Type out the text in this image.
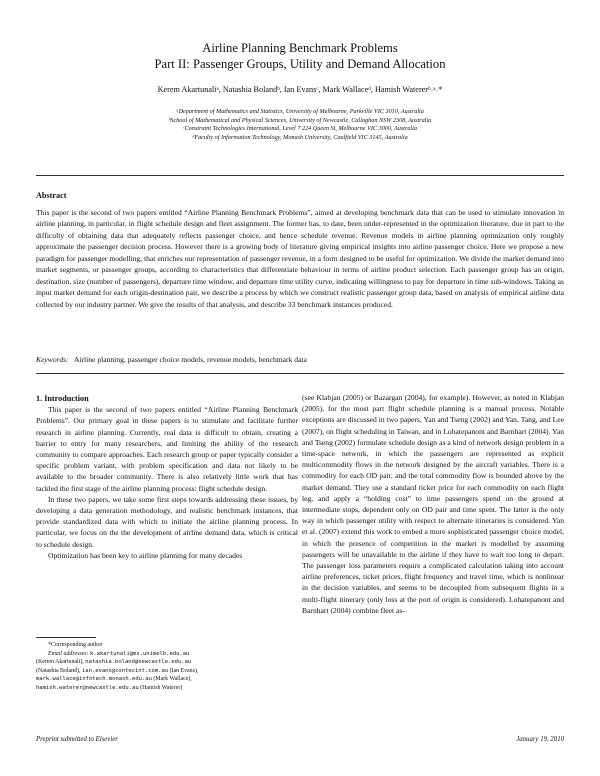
Airline Planning Benchmark Problems
Part II: Passenger Groups, Utility and Demand Allocation
Kerem Akartunaliᵃ, Natashia Bolandᵇ, Ian Evansᶜ, Mark Wallaceᵈ, Hamish Watererᵇ˒ᵃ˒*
ᵃDepartment of Mathematics and Statistics, University of Melbourne, Parkville VIC 3010, Australia
ᵇSchool of Mathematical and Physical Sciences, University of Newcastle, Callaghan NSW 2308, Australia
ᶜConstraint Technologies International, Level 7 224 Queen St, Melbourne VIC 3000, Australia
ᵈFaculty of Information Technology, Monash University, Caulfield VIC 3145, Australia
Abstract
This paper is the second of two papers entitled “Airline Planning Benchmark Problems”, aimed at developing benchmark data that can be used to stimulate innovation in airline planning, in particular, in flight schedule design and fleet assignment. The former has, to date, been under-represented in the optimization literature, due in part to the difficulty of obtaining data that adequately reflects passenger choice, and hence schedule revenue. Revenue models in airline planning optimization only roughly approximate the passenger decision process. However there is a growing body of literature giving empirical insights into airline passenger choice. Here we propose a new paradigm for passenger modelling, that enriches our representation of passenger revenue, in a form designed to be useful for optimization. We divide the market demand into market segments, or passenger groups, according to characteristics that differentiate behaviour in terms of airline product selection. Each passenger group has an origin, destination, size (number of passengers), departure time window, and departure time utility curve, indicating willingness to pay for departure in time sub-windows. Taking as input market demand for each origin-destination pair, we describe a process by which we construct realistic passenger group data, based on analysis of empirical airline data collected by our industry partner. We give the results of that analysis, and describe 33 benchmark instances produced.
Keywords: Airline planning, passenger choice models, revenue models, benchmark data

1. Introduction

This paper is the second of two papers entitled “Airline Planning Benchmark Problems”. Our primary goal in these papers is to stimulate and facilitate further research in airline planning. Currently, real data is difficult to obtain, creating a barrier to entry for many researchers, and limiting the ability of the research community to compare approaches. Each research group or paper typically consider a specific problem variant, with problem specification and data not likely to be available to the broader community. There is also relatively little work that has tackled the first stage of the airline planning process: flight schedule design.

In these two papers, we take some first steps towards addressing these issues, by developing a data generation methodology, and realistic benchmark instances, that provide standardized data with which to initiate the airline planning process. In particular, we focus on the the development of airline demand data, which is critical to schedule design.

Optimization has been key to airline planning for many decades

(see Klabjan (2005) or Bazargan (2004), for example). However, as noted in Klabjan (2005), for the most part flight schedule planning is a manual process. Notable exceptions are discussed in two papers, Yan and Tseng (2002) and Yan, Tang, and Lee (2007), on flight scheduling in Taiwan, and in Lohatepanont and Barnhart (2004). Yan and Tseng (2002) formulate schedule design as a kind of network design problem in a time-space network, in which the passengers are represented as explicit multicommodity flows in the network designed by the aircraft variables. There is a commodity for each OD pair, and the total commodity flow is bounded above by the market demand. They use a standard ticket price for each commodity on each flight leg, and apply a “holding cost” to time passengers spend on the ground at intermediate stops, dependent only on OD pair and time spent. The latter is the only way in which passenger utility with respect to alternate itineraries is considered. Yan et al. (2007) extend this work to embed a more sophisticated passenger choice model, in which the presence of competition in the market is modelled by assuming passengers will be unavailable to the airline if they have to wait too long to depart. The passenger loss parameters require a complicated calculation taking into account airline preferences, ticket prices, flight frequency and travel time, which is nonlinear in the decision variables, and seems to be decoupled from subsequent flights in a multi-flight itinerary (only loss at the port of origin is considered). Lohatepanont and Barnhart (2004) combine fleet as-

*Corresponding author
Email addresses: k.akartunali@ms.unimelb.edu.au
(Kerem Akartunali), natashia.boland@newcastle.edu.au
(Natashia Boland), ian.evans@contecint.com.au (Ian Evans),
mark.wallace@infotech.monash.edu.au (Mark Wallace),
hamish.waterer@newcastle.edu.au (Hamish Waterer)
Preprint submitted to Elsevier	January 19, 2010
